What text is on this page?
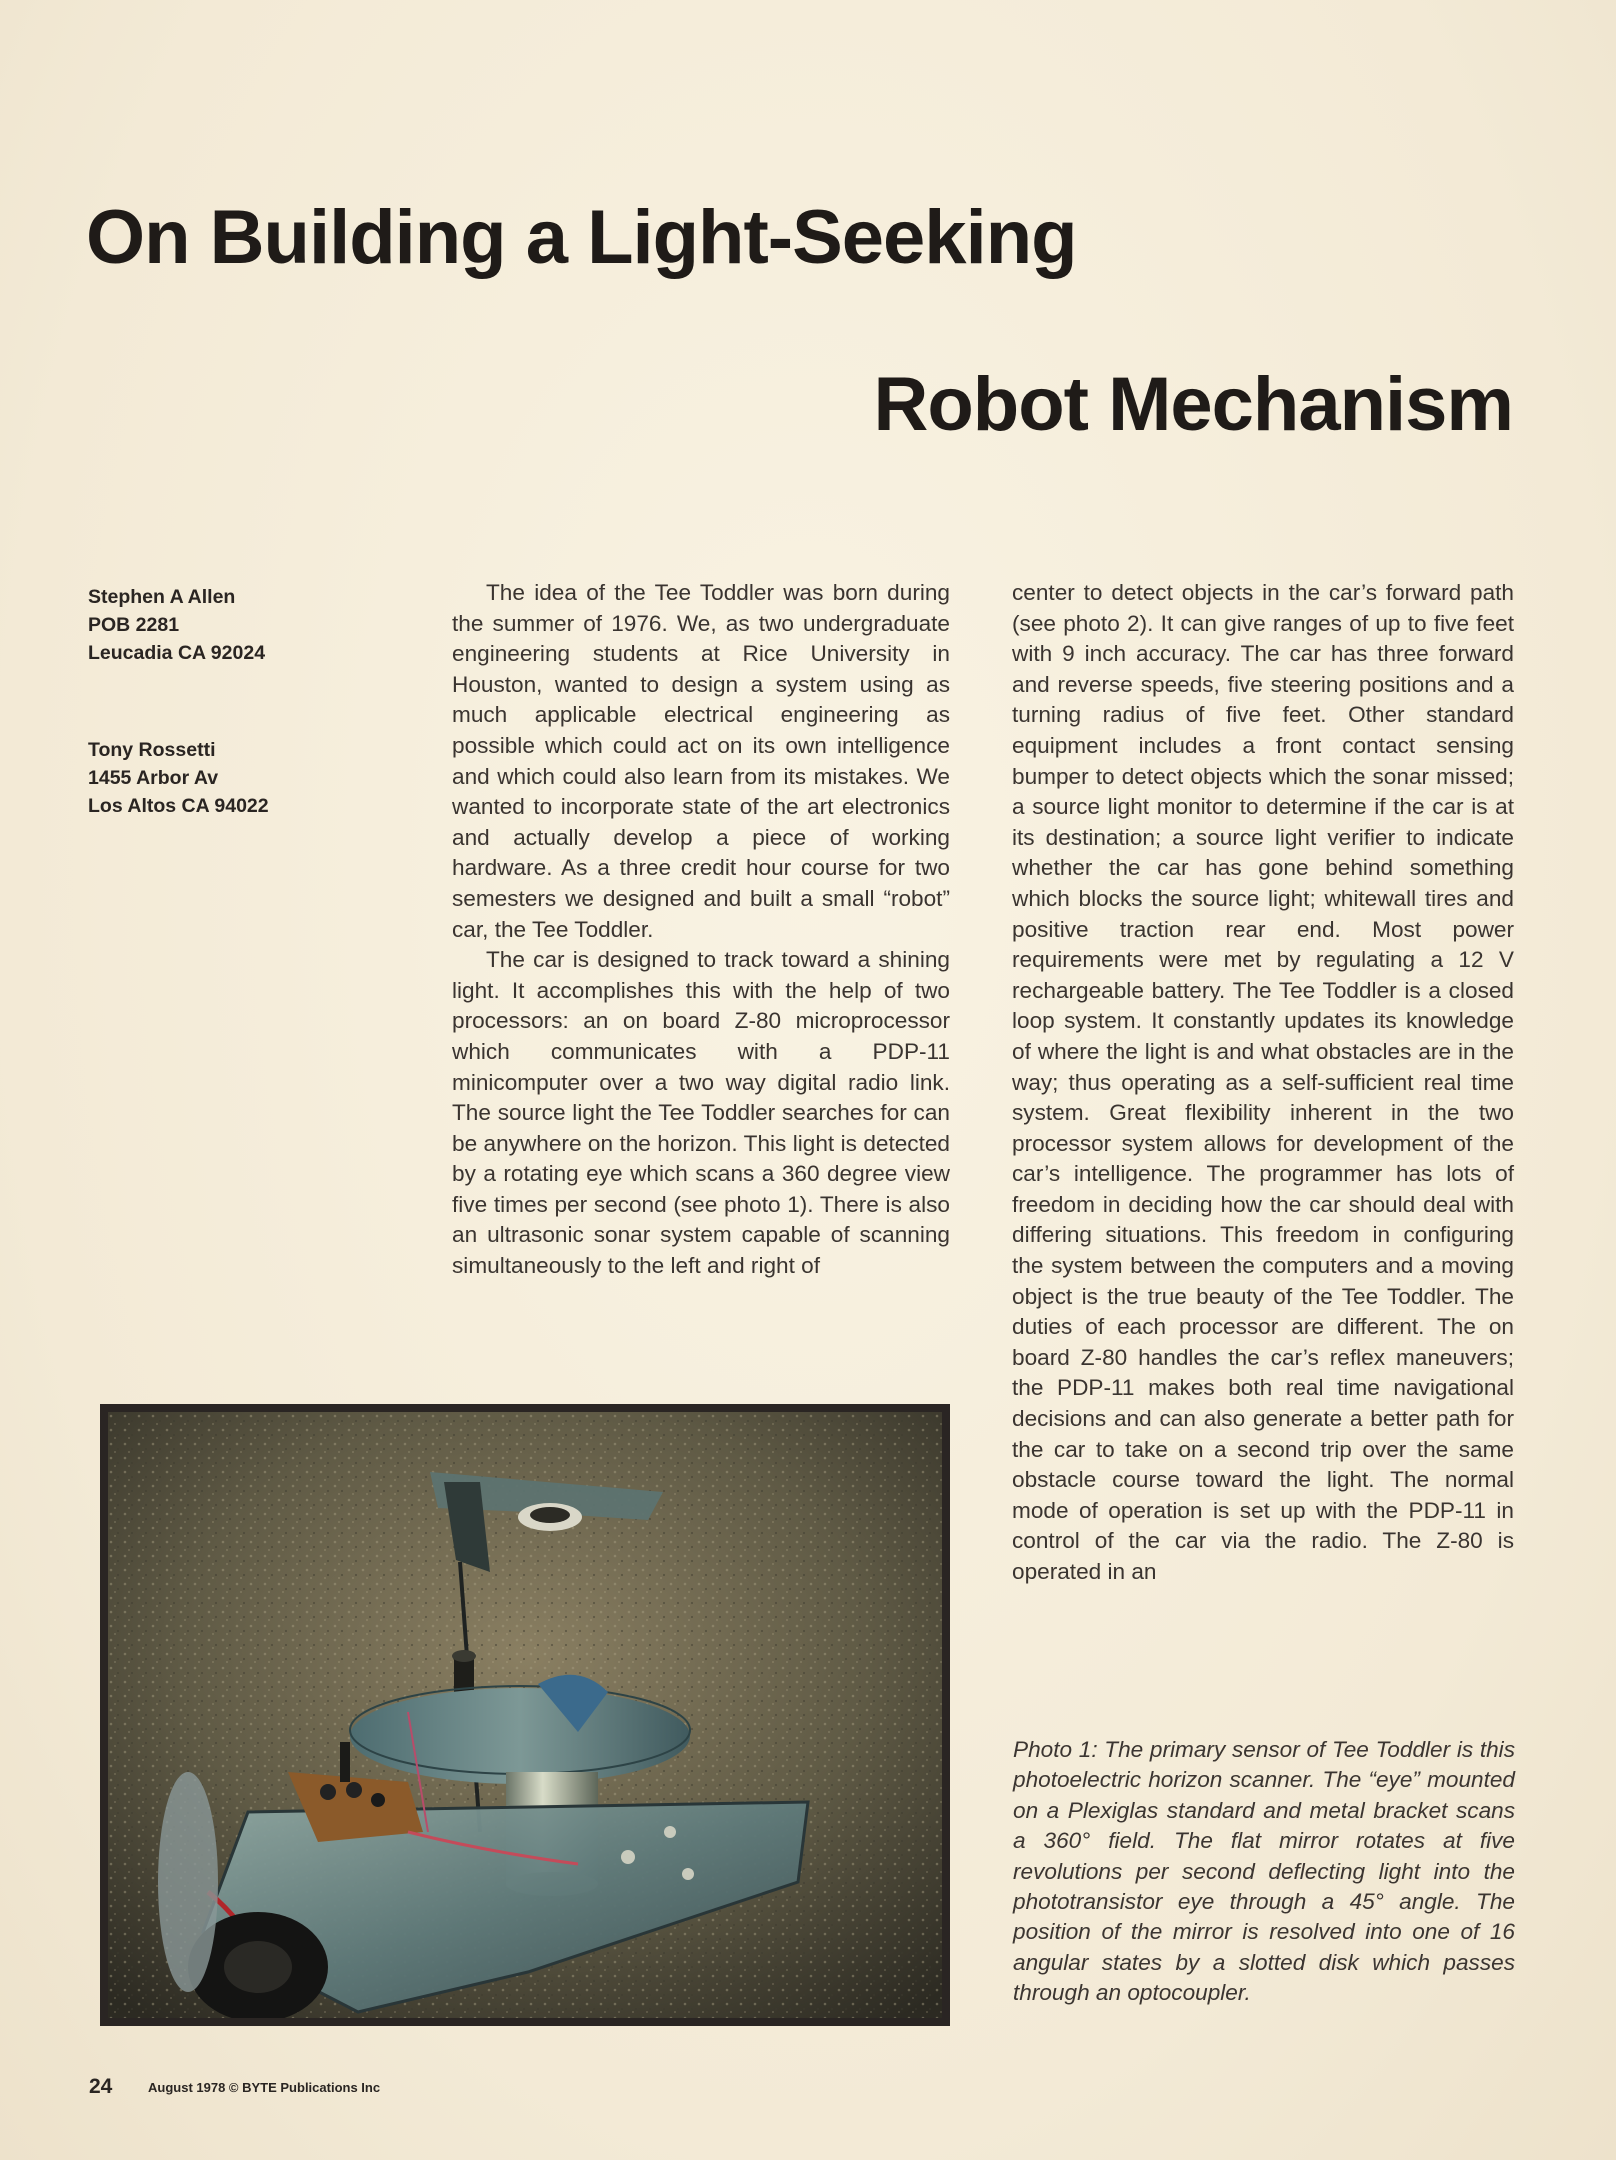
On Building a Light-Seeking
Robot Mechanism
Stephen A Allen
POB 2281
Leucadia CA 92024
Tony Rossetti
1455 Arbor Av
Los Altos CA 94022

The idea of the Tee Toddler was born during the summer of 1976. We, as two undergraduate engineering students at Rice University in Houston, wanted to design a system using as much applicable electrical engineering as possible which could act on its own intelligence and which could also learn from its mistakes. We wanted to incorporate state of the art electronics and actually develop a piece of working hardware. As a three credit hour course for two semesters we designed and built a small “robot” car, the Tee Toddler.

The car is designed to track toward a shining light. It accomplishes this with the help of two processors: an on board Z-80 microprocessor which communicates with a PDP-11 minicomputer over a two way digital radio link. The source light the Tee Toddler searches for can be anywhere on the horizon. This light is detected by a rotating eye which scans a 360 degree view five times per second (see photo 1). There is also an ultrasonic sonar system capable of scanning simultaneously to the left and right of

center to detect objects in the car’s forward path (see photo 2). It can give ranges of up to five feet with 9 inch accuracy. The car has three forward and reverse speeds, five steering positions and a turning radius of five feet. Other standard equipment includes a front contact sensing bumper to detect objects which the sonar missed; a source light monitor to determine if the car is at its destination; a source light verifier to indicate whether the car has gone behind something which blocks the source light; whitewall tires and positive traction rear end. Most power requirements were met by regulating a 12 V rechargeable battery. The Tee Toddler is a closed loop system. It constantly updates its knowledge of where the light is and what obstacles are in the way; thus operating as a self-sufficient real time system. Great flexibility inherent in the two processor system allows for development of the car’s intelligence. The programmer has lots of freedom in deciding how the car should deal with differing situations. This freedom in configuring the system between the computers and a moving object is the true beauty of the Tee Toddler. The duties of each processor are different. The on board Z-80 handles the car’s reflex maneuvers; the PDP-11 makes both real time navigational decisions and can also generate a better path for the car to take on a second trip over the same obstacle course toward the light. The normal mode of operation is set up with the PDP-11 in control of the car via the radio. The Z-80 is operated in an

Photo 1: The primary sensor of Tee Toddler is this photoelectric horizon scanner. The “eye” mounted on a Plexiglas standard and metal bracket scans a 360° field. The flat mirror rotates at five revolutions per second deflecting light into the phototransistor eye through a 45° angle. The position of the mirror is resolved into one of 16 angular states by a slotted disk which passes through an optocoupler.
24	August 1978 © BYTE Publications Inc
